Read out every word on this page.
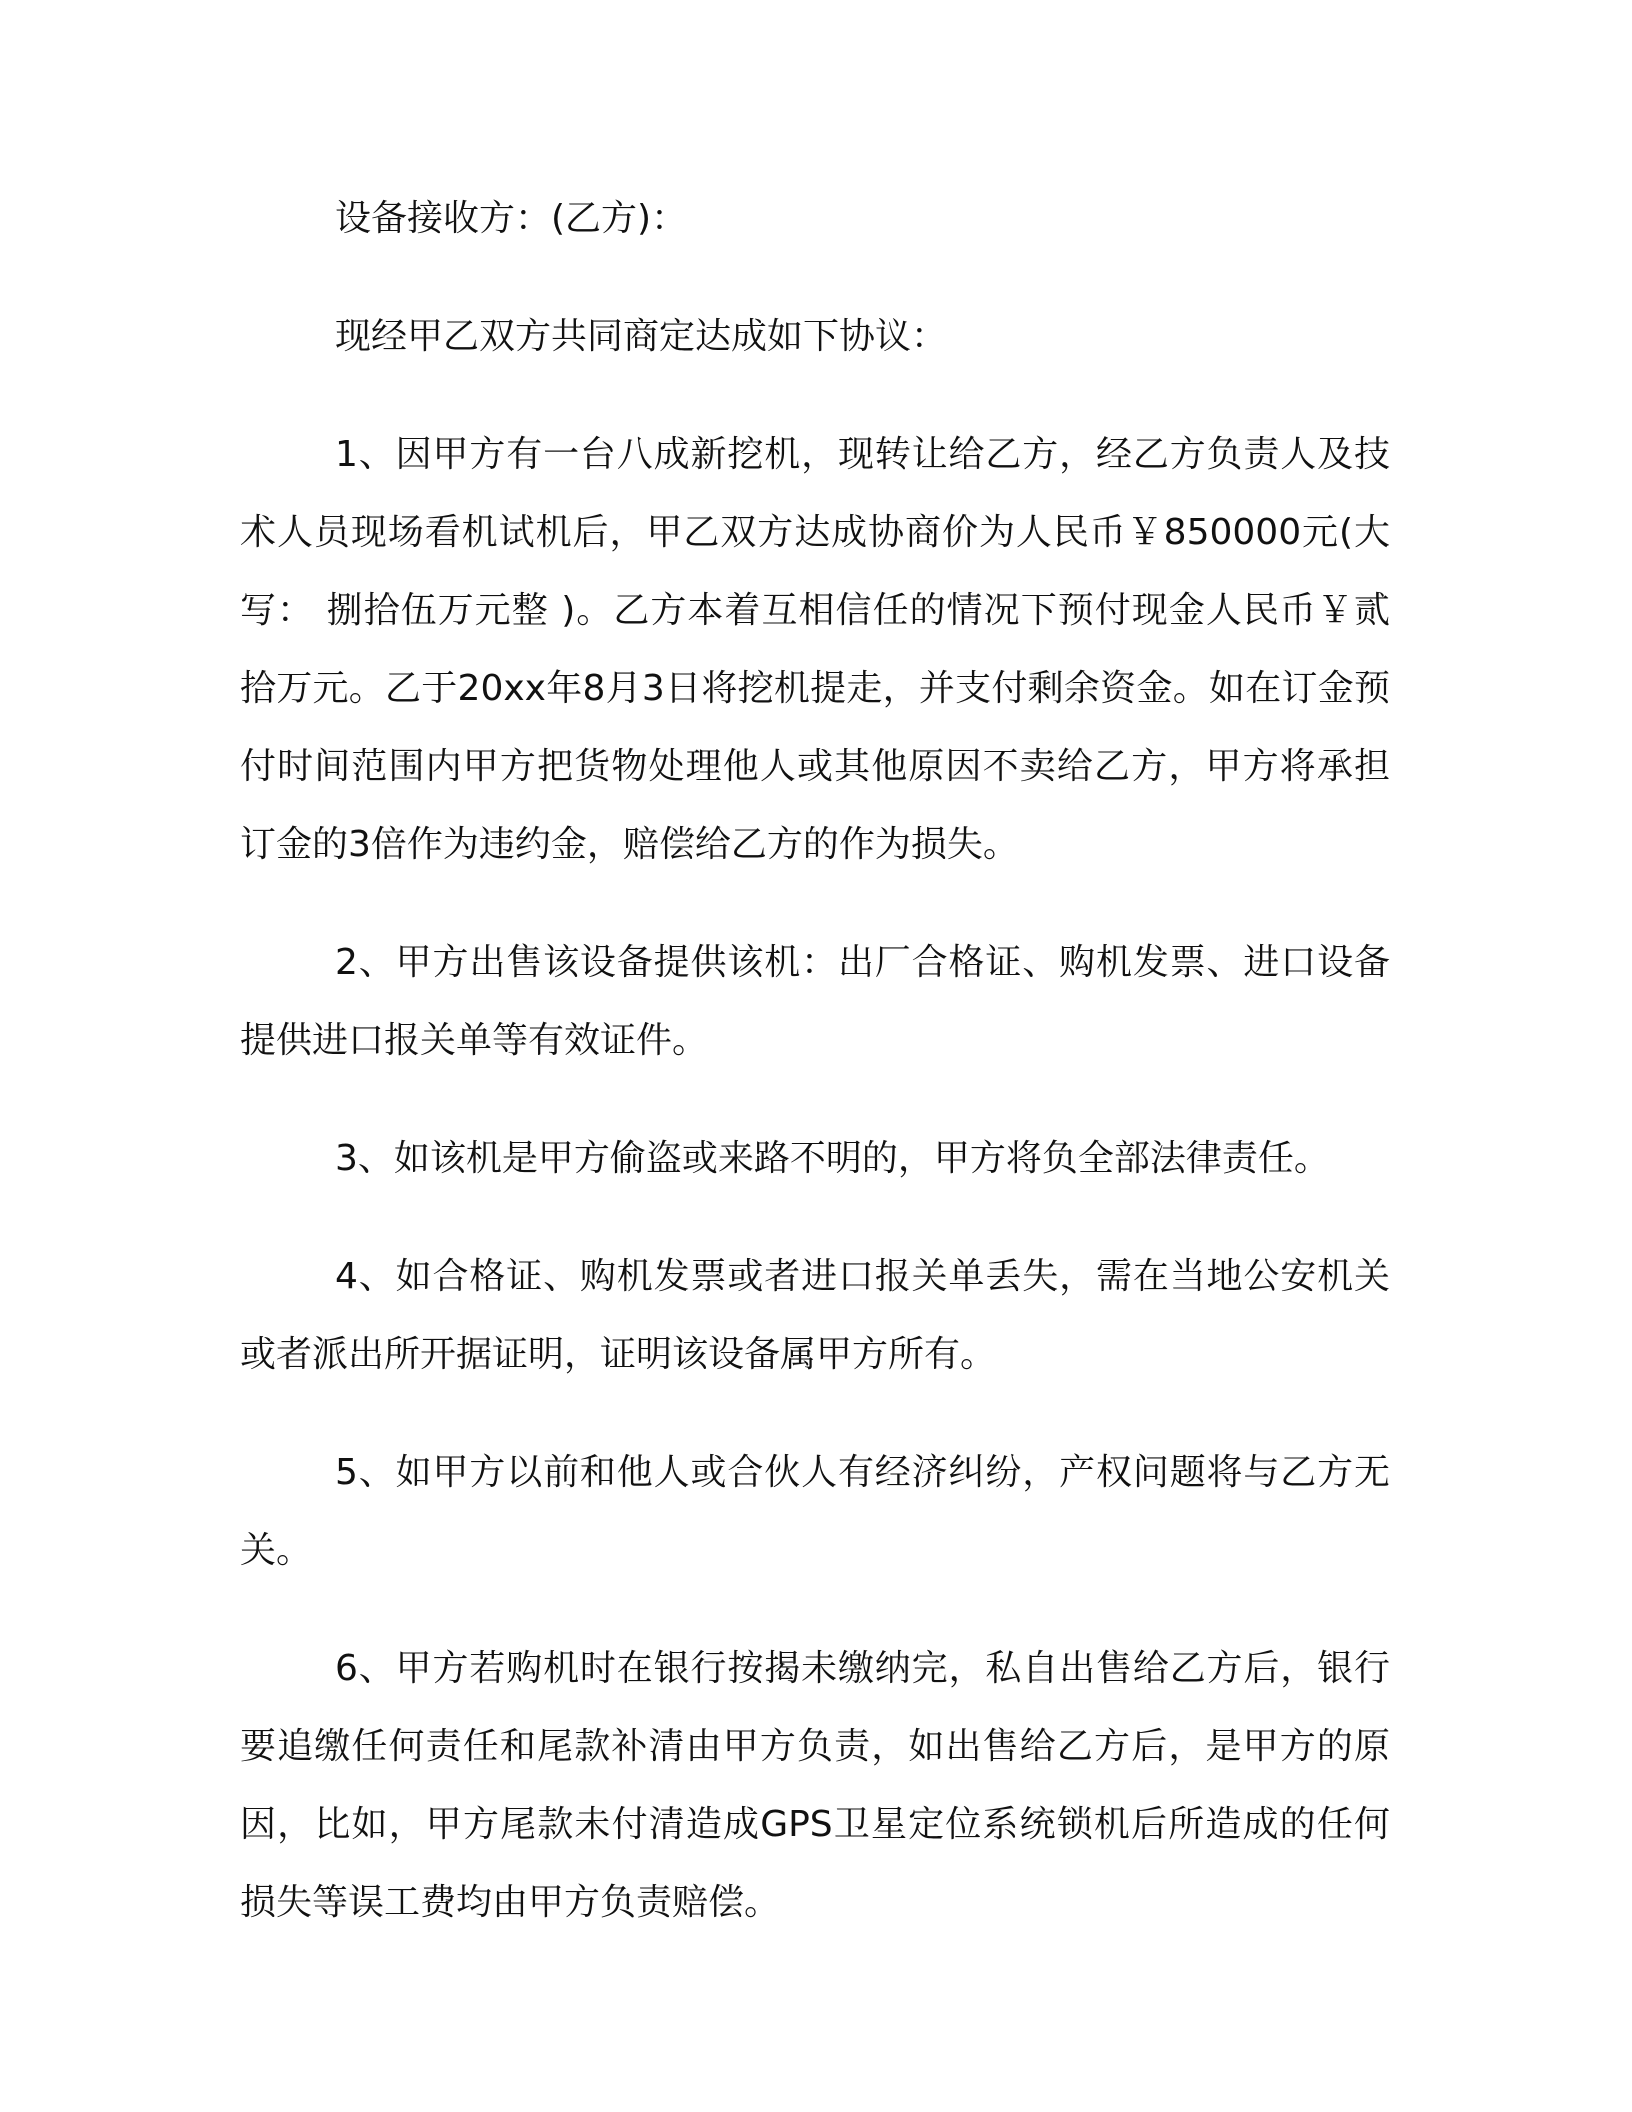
设备接收方：(乙方)：

现经甲乙双方共同商定达成如下协议：

1、因甲方有一台八成新挖机，现转让给乙方，经乙方负责人及技术人员现场看机试机后，甲乙双方达成协商价为人民币￥850000元(大写： 捌拾伍万元整 )。乙方本着互相信任的情况下预付现金人民币￥贰拾万元。乙于20xx年8月3日将挖机提走，并支付剩余资金。如在订金预付时间范围内甲方把货物处理他人或其他原因不卖给乙方，甲方将承担订金的3倍作为违约金，赔偿给乙方的作为损失。

2、甲方出售该设备提供该机：出厂合格证、购机发票、进口设备提供进口报关单等有效证件。

3、如该机是甲方偷盗或来路不明的，甲方将负全部法律责任。

4、如合格证、购机发票或者进口报关单丢失，需在当地公安机关或者派出所开据证明，证明该设备属甲方所有。

5、如甲方以前和他人或合伙人有经济纠纷，产权问题将与乙方无关。

6、甲方若购机时在银行按揭未缴纳完，私自出售给乙方后，银行要追缴任何责任和尾款补清由甲方负责，如出售给乙方后，是甲方的原因，比如，甲方尾款未付清造成GPS卫星定位系统锁机后所造成的任何损失等误工费均由甲方负责赔偿。
